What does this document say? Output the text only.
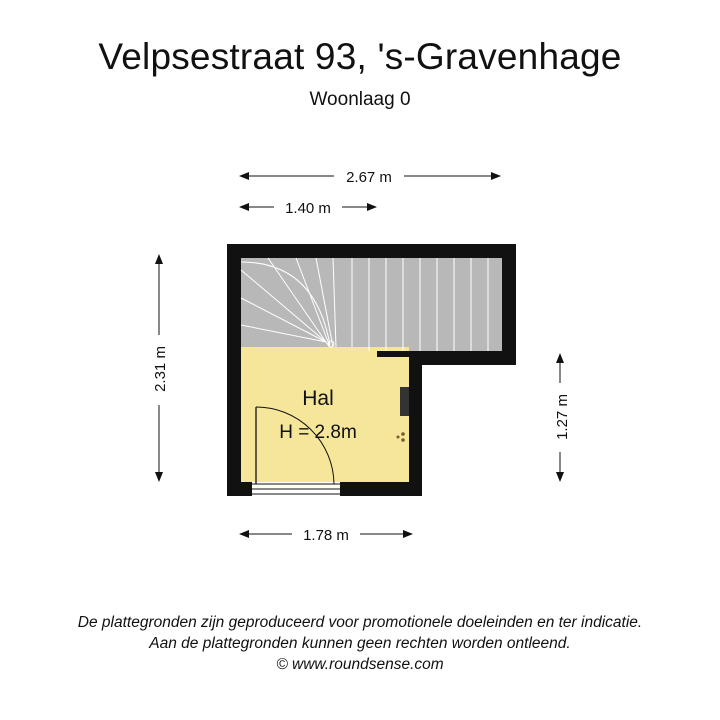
Velpsestraat 93, 's-Gravenhage
Woonlaag 0
Hal
H = 2.8m
2.67 m
1.40 m
2.31 m
1.27 m
1.78 m
De plattegronden zijn geproduceerd voor promotionele doeleinden en ter indicatie.
Aan de plattegronden kunnen geen rechten worden ontleend.
© www.roundsense.com
